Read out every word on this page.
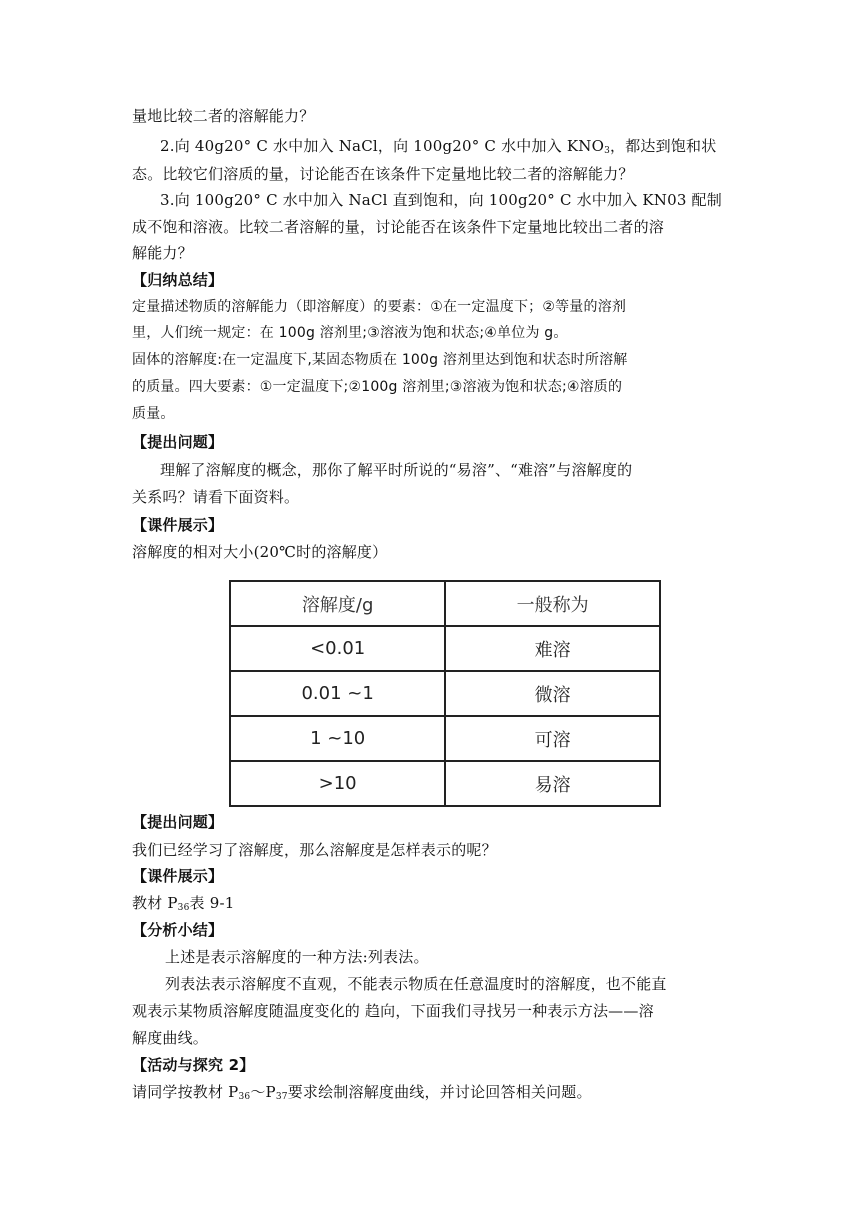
量地比较二者的溶解能力？
2.向 40g20° C 水中加入 NaCl，向 100g20° C 水中加入 $KNO_3$，都达到饱和状
态。比较它们溶质的量，讨论能否在该条件下定量地比较二者的溶解能力？
3.向 100g20° C 水中加入 NaCl 直到饱和，向 100g20° C 水中加入 KN03 配制
成不饱和溶液。比较二者溶解的量，讨论能否在该条件下定量地比较出二者的溶
解能力？
【归纳总结】
定量描述物质的溶解能力（即溶解度）的要素：①在一定温度下；②等量的溶剂
里，人们统一规定：在 100g 溶剂里;③溶液为饱和状态;④单位为 g。
固体的溶解度:在一定温度下,某固态物质在 100g 溶剂里达到饱和状态时所溶解
的质量。四大要素：①一定温度下;②100g 溶剂里;③溶液为饱和状态;④溶质的
质量。
【提出问题】
理解了溶解度的概念，那你了解平时所说的“易溶”、“难溶”与溶解度的
关系吗？请看下面资料。
【课件展示】
溶解度的相对大小(20℃时的溶解度）
溶解度/g	一般称为
<0.01	难溶
0.01 ~1	微溶
1 ~10	可溶
>10	易溶
【提出问题】
我们已经学习了溶解度，那么溶解度是怎样表示的呢？
【课件展示】
教材 $P_{36}$表 9-1
【分析小结】
上述是表示溶解度的一种方法:列表法。
列表法表示溶解度不直观，不能表示物质在任意温度时的溶解度，也不能直
观表示某物质溶解度随温度变化的 趋向，下面我们寻找另一种表示方法——溶
解度曲线。
【活动与探究 2】
请同学按教材 $P_{36}\sim P_{37}$要求绘制溶解度曲线，并讨论回答相关问题。
